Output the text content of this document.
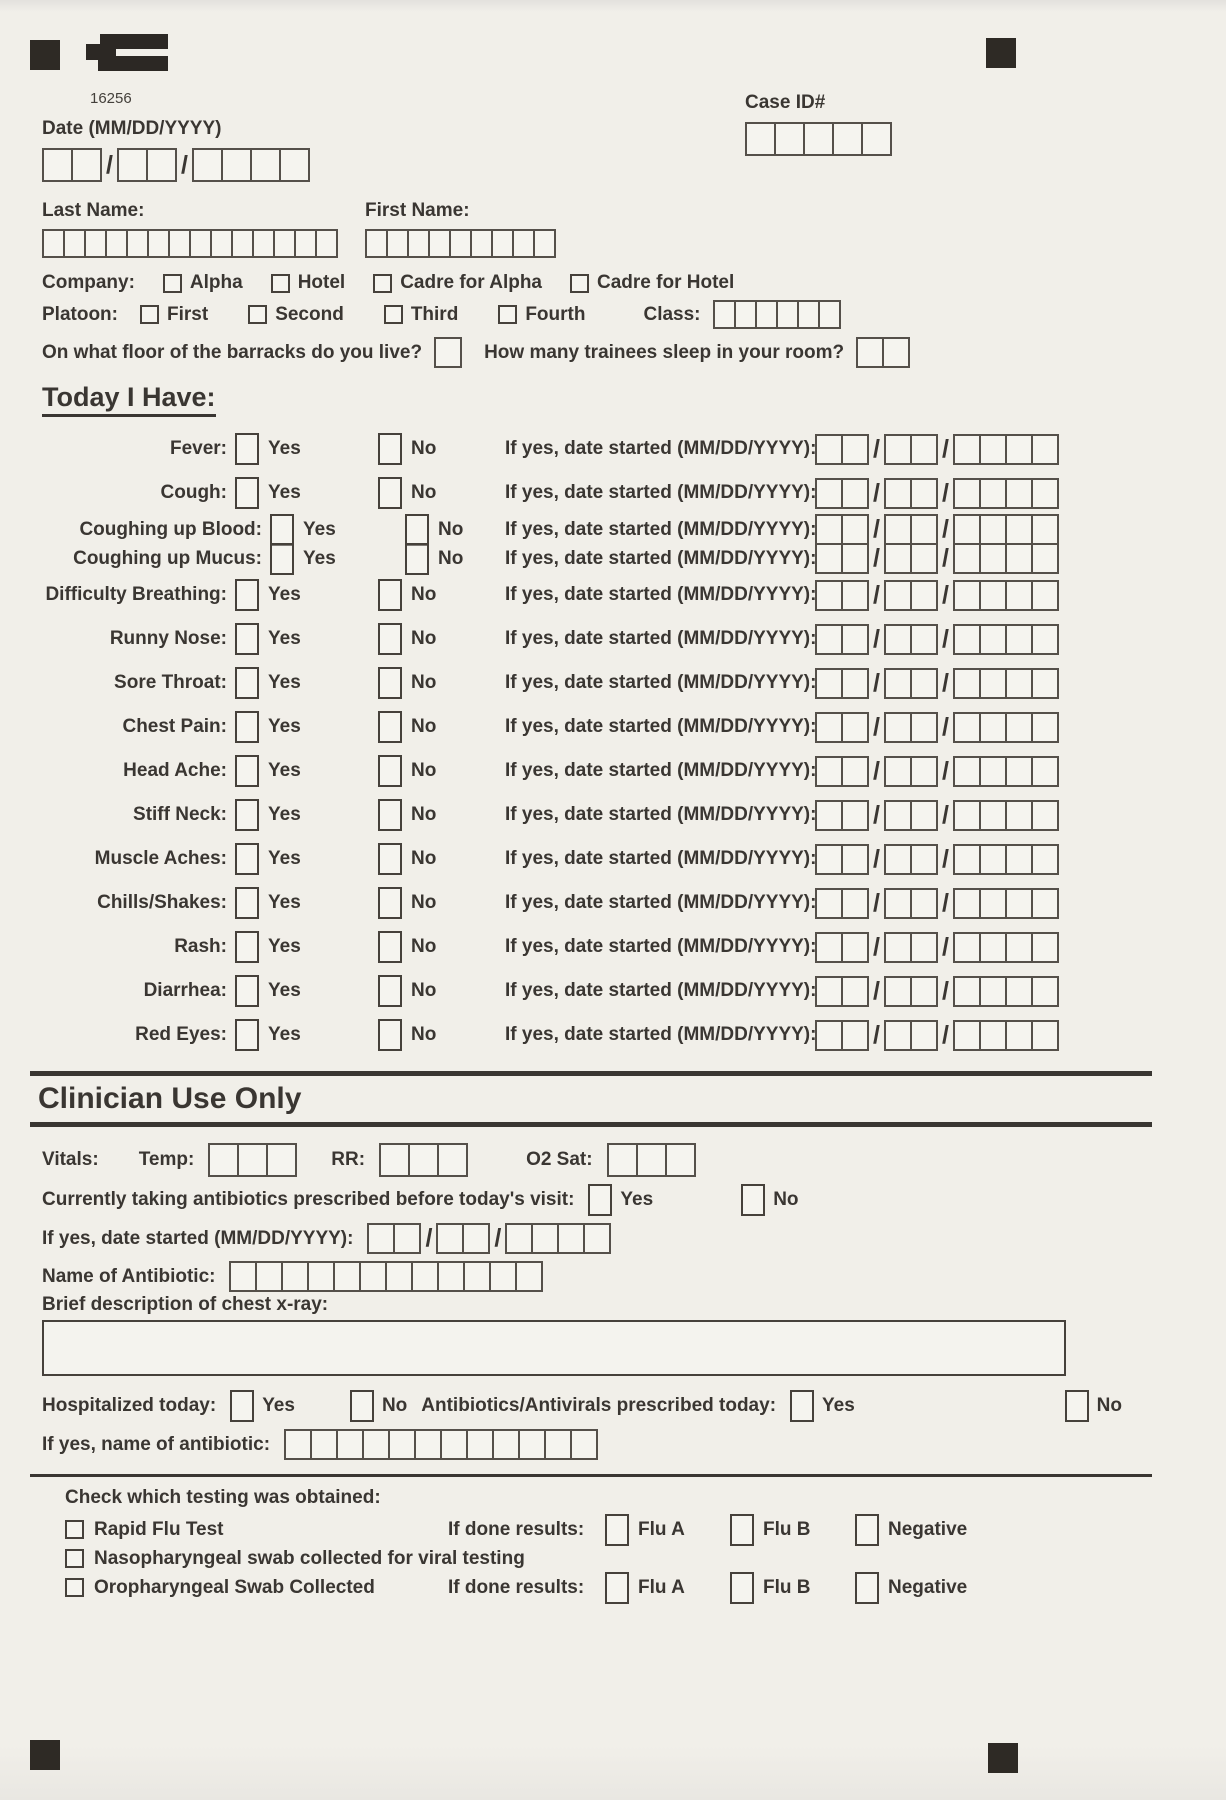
16256	Case ID#
Date (MM/DD/YYYY)
/	/
Last Name:	First Name:
Company:	Alpha	Hotel	Cadre for Alpha	Cadre for Hotel
Platoon:	First	Second	Third	Fourth	Class:
On what floor of the barracks do you live?	How many trainees sleep in your room?
Today I Have:
Fever:	Yes	No	If yes, date started (MM/DD/YYYY): / /
Cough:	Yes	No	If yes, date started (MM/DD/YYYY): / /
Coughing up Blood:	Yes	No If yes, date started (MM/DD/YYYY): / /
Coughing up Mucus:	Yes	No If yes, date started (MM/DD/YYYY): / /
Difficulty Breathing:	Yes	No	If yes, date started (MM/DD/YYYY): / /
Runny Nose:	Yes	No	If yes, date started (MM/DD/YYYY): / /
Sore Throat:	Yes	No	If yes, date started (MM/DD/YYYY): / /
Chest Pain:	Yes	No	If yes, date started (MM/DD/YYYY): / /
Head Ache:	Yes	No	If yes, date started (MM/DD/YYYY): / /
Stiff Neck:	Yes	No	If yes, date started (MM/DD/YYYY): / /
Muscle Aches:	Yes	No	If yes, date started (MM/DD/YYYY): / /
Chills/Shakes:	Yes	No	If yes, date started (MM/DD/YYYY): / /
Rash:	Yes	No	If yes, date started (MM/DD/YYYY): / /
Diarrhea:	Yes	No	If yes, date started (MM/DD/YYYY): / /
Red Eyes:	Yes	No	If yes, date started (MM/DD/YYYY): / /
Clinician Use Only
Vitals: Temp:	RR:	O2 Sat:
Currently taking antibiotics prescribed before today's visit: Yes	No
If yes, date started (MM/DD/YYYY):	/ /
Name of Antibiotic:
Brief description of chest x-ray:
Hospitalized today: Yes	No Antibiotics/Antivirals prescribed today: Yes	No
If yes, name of antibiotic:
Check which testing was obtained:
Rapid Flu Test	If done results:	Flu A	Flu B	Negative
Nasopharyngeal swab collected for viral testing
Oropharyngeal Swab Collected	If done results:	Flu A	Flu B	Negative
